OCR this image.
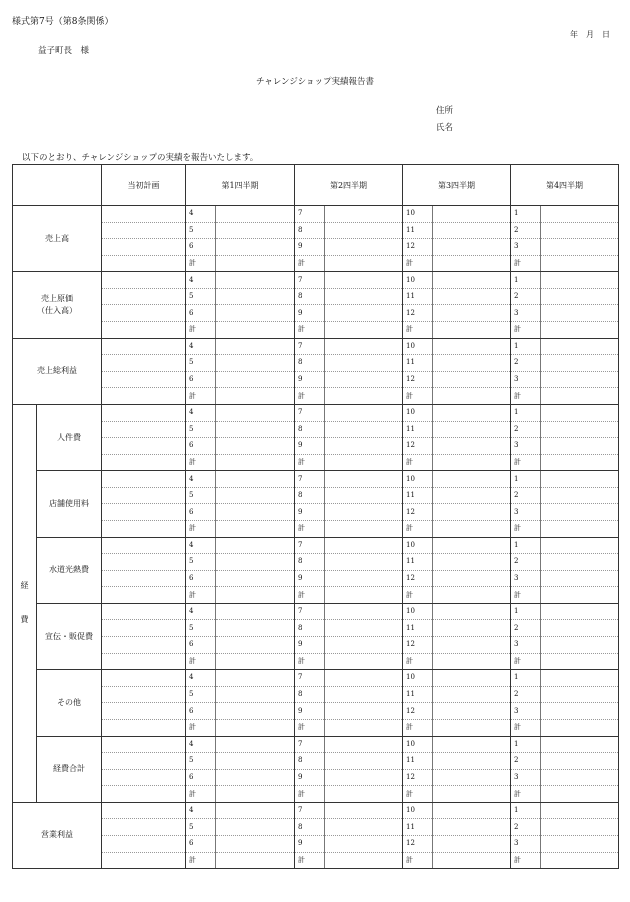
様式第7号（第8条関係）
年　月　日
益子町長　様
チャレンジショップ実績報告書
住所
氏名
以下のとおり、チャレンジショップの実績を報告いたします。
		当初計画	第1四半期		第2四半期		第3四半期		第4四半期	
売上高			4		7		10		1	
			5		8		11		2	
			6		9		12		3	
			計		計		計		計	
売上原価
（仕入高）			4		7		10		1	
			5		8		11		2	
			6		9		12		3	
			計		計		計		計	
売上総利益			4		7		10		1	
			5		8		11		2	
			6		9		12		3	
			計		計		計		計	

経
費	人件費		4		7		10		1	
			5		8		11		2	
			6		9		12		3	
			計		計		計		計	
	店舗使用料		4		7		10		1	
			5		8		11		2	
			6		9		12		3	
			計		計		計		計	
	水道光熱費		4		7		10		1	
			5		8		11		2	
			6		9		12		3	
			計		計		計		計	
	宣伝・販促費		4		7		10		1	
			5		8		11		2	
			6		9		12		3	
			計		計		計		計	
	その他		4		7		10		1	
			5		8		11		2	
			6		9		12		3	
			計		計		計		計	
	経費合計		4		7		10		1	
			5		8		11		2	
			6		9		12		3	
			計		計		計		計	
営業利益			4		7		10		1	
			5		8		11		2	
			6		9		12		3	
			計		計		計		計	
